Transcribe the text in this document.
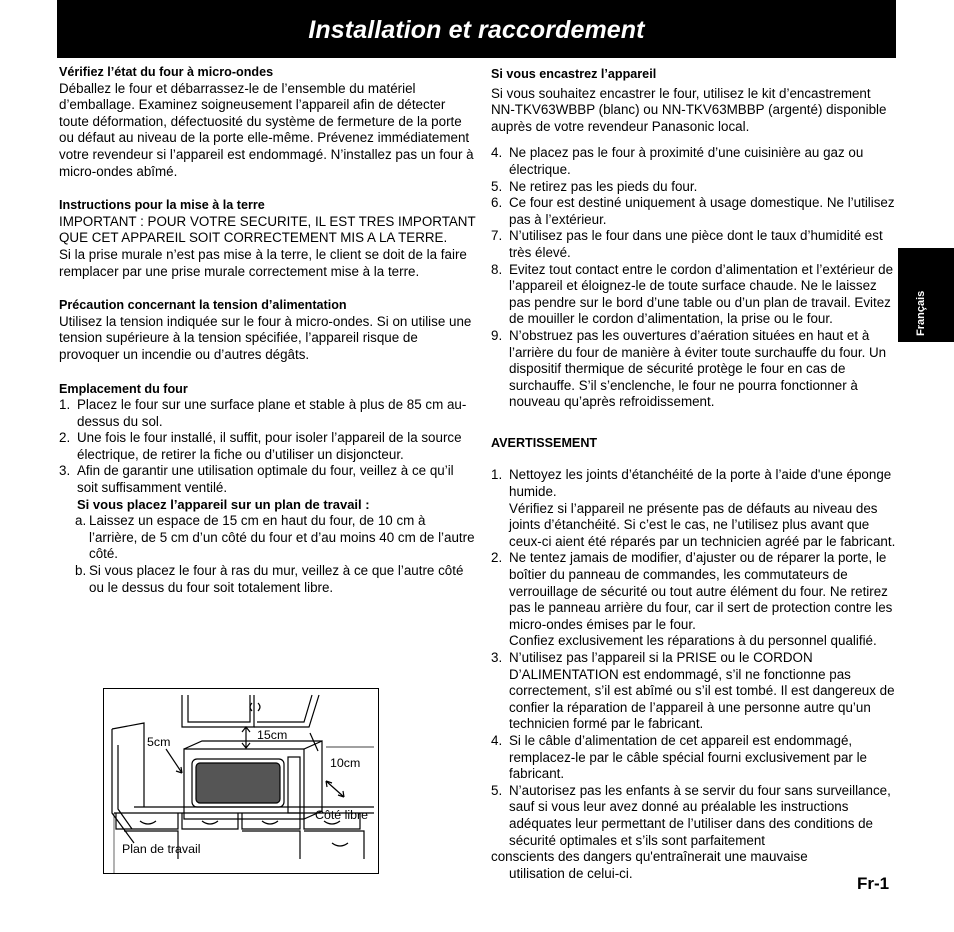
Installation et raccordement
Français

Vérifiez l’état du four à micro-ondes

Déballez le four et débarrassez-le de l’ensemble du matériel d’emballage. Examinez soigneusement l’appareil afin de détecter toute déformation, défectuosité du système de fermeture de la porte ou défaut au niveau de la porte elle-même. Prévenez immédiatement votre revendeur si l’appareil est endommagé. N’installez pas un four à micro-ondes abîmé.

Instructions pour la mise à la terre

IMPORTANT : POUR VOTRE SECURITE, IL EST TRES IMPORTANT QUE CET APPAREIL SOIT CORRECTEMENT MIS A LA TERRE.

Si la prise murale n’est pas mise à la terre, le client se doit de la faire remplacer par une prise murale correctement mise à la terre.

Précaution concernant la tension d’alimentation

Utilisez la tension indiquée sur le four à micro-ondes. Si on utilise une tension supérieure à la tension spécifiée, l’appareil risque de provoquer un incendie ou d’autres dégâts.

Emplacement du four

1. Placez le four sur une surface plane et stable à plus de 85 cm au-dessus du sol.
2. Une fois le four installé, il suffit, pour isoler l’appareil de la source électrique, de retirer la fiche ou d’utiliser un disjoncteur.
3. Afin de garantir une utilisation optimale du four, veillez à ce qu’il soit suffisamment ventilé.

Si vous placez l’appareil sur un plan de travail :

a. Laissez un espace de 15 cm en haut du four, de 10 cm à l’arrière, de 5 cm d’un côté du four et d’au moins 40 cm de l’autre côté.
b. Si vous placez le four à ras du mur, veillez à ce que l’autre côté ou le dessus du four soit totalement libre.
5cm	15cm
10cm
Côté libre
Plan de travail

Si vous encastrez l’appareil

Si vous souhaitez encastrer le four, utilisez le kit d’encastrement NN-TKV63WBBP (blanc) ou NN-TKV63MBBP (argenté) disponible auprès de votre revendeur Panasonic local.

4. Ne placez pas le four à proximité d’une cuisinière au gaz ou électrique.
5. Ne retirez pas les pieds du four.
6. Ce four est destiné uniquement à usage domestique. Ne l’utilisez pas à l’extérieur.
7. N’utilisez pas le four dans une pièce dont le taux d’humidité est très élevé.
8. Evitez tout contact entre le cordon d’alimentation et l’extérieur de l’appareil et éloignez-le de toute surface chaude. Ne le laissez pas pendre sur le bord d’une table ou d’un plan de travail. Evitez de mouiller le cordon d’alimentation, la prise ou le four.
9. N’obstruez pas les ouvertures d’aération situées en haut et à l’arrière du four de manière à éviter toute surchauffe du four. Un dispositif thermique de sécurité protège le four en cas de surchauffe. S’il s’enclenche, le four ne pourra fonctionner à nouveau qu’après refroidissement.

AVERTISSEMENT

1. Nettoyez les joints d’étanchéité de la porte à l’aide d'une éponge humide.

Vérifiez si l’appareil ne présente pas de défauts au niveau des joints d’étanchéité. Si c’est le cas, ne l’utilisez plus avant que ceux-ci aient été réparés par un technicien agréé par le fabricant.

2. Ne tentez jamais de modifier, d’ajuster ou de réparer la porte, le boîtier du panneau de commandes, les commutateurs de verrouillage de sécurité ou tout autre élément du four. Ne retirez pas le panneau arrière du four, car il sert de protection contre les micro-ondes émises par le four.

Confiez exclusivement les réparations à du personnel qualifié.

3. N’utilisez pas l’appareil si la PRISE ou le CORDON D’ALIMENTATION est endommagé, s’il ne fonctionne pas correctement, s’il est abîmé ou s’il est tombé. Il est dangereux de confier la réparation de l’appareil à une personne autre qu’un technicien formé par le fabricant.
4. Si le câble d’alimentation de cet appareil est endommagé, remplacez-le par le câble spécial fourni exclusivement par le fabricant.
5. N’autorisez pas les enfants à se servir du four sans surveillance, sauf si vous leur avez donné au préalable les instructions adéquates leur permettant de l’utiliser dans des conditions de sécurité optimales et s’ils sont parfaitement

conscients des dangers qu'entraînerait une mauvaise

utilisation de celui-ci.

Fr-1
